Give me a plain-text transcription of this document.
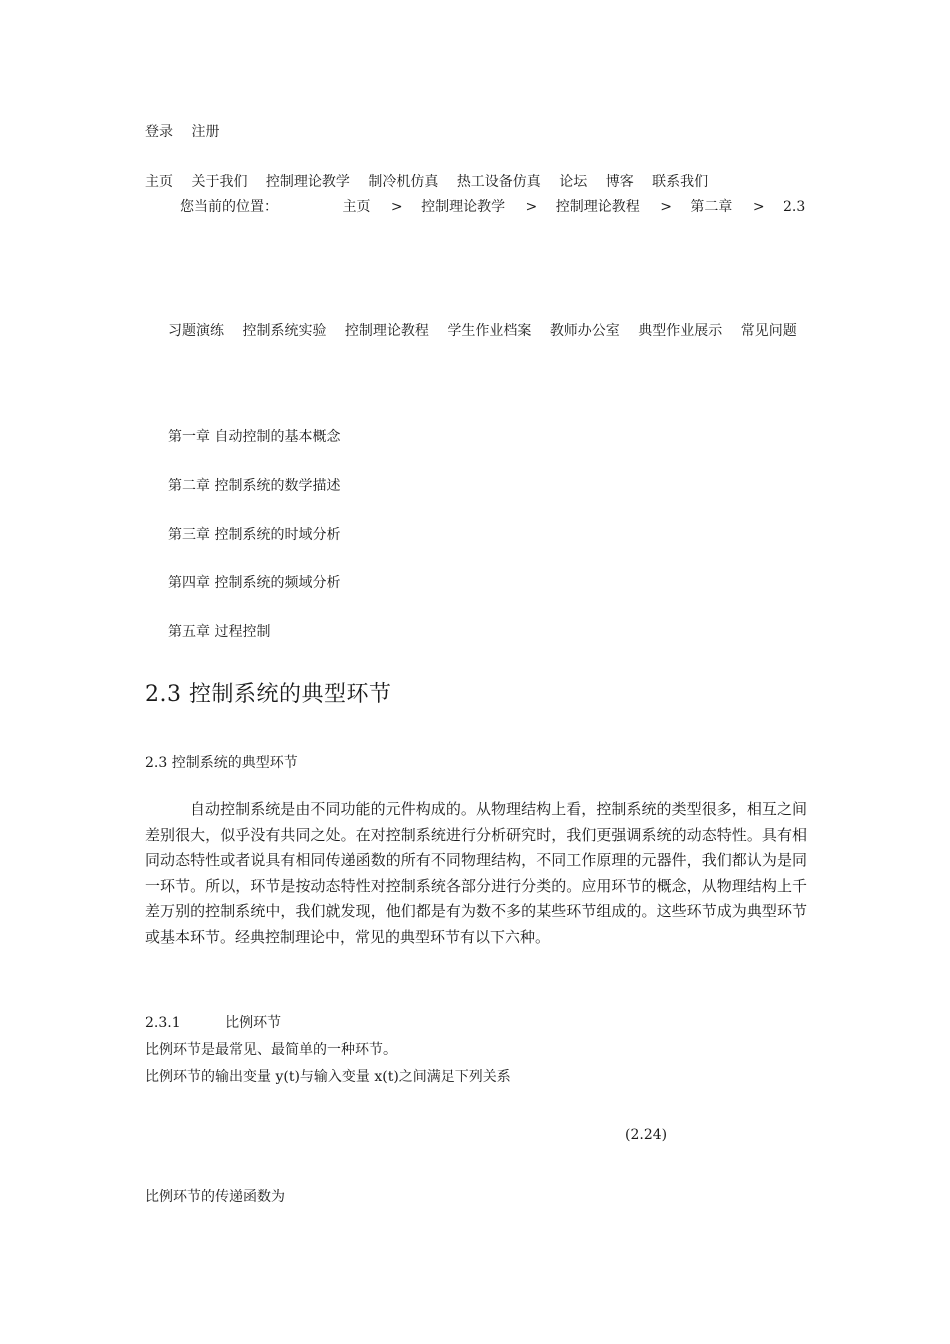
登录 注册
主页 关于我们 控制理论教学 制冷机仿真 热工设备仿真 论坛 博客 联系我们
您当前的位置：	主页 > 控制理论教学 > 控制理论教程 > 第二章 > 2.3
习题演练 控制系统实验 控制理论教程 学生作业档案 教师办公室 典型作业展示 常见问题
第一章 自动控制的基本概念
第二章 控制系统的数学描述
第三章 控制系统的时域分析
第四章 控制系统的频域分析
第五章 过程控制
2.3 控制系统的典型环节
2.3 控制系统的典型环节

自动控制系统是由不同功能的元件构成的。从物理结构上看，控制系统的类型很多，相互之间差别很大，似乎没有共同之处。在对控制系统进行分析研究时，我们更强调系统的动态特性。具有相同动态特性或者说具有相同传递函数的所有不同物理结构，不同工作原理的元器件，我们都认为是同一环节。所以，环节是按动态特性对控制系统各部分进行分类的。应用环节的概念，从物理结构上千差万别的控制系统中，我们就发现，他们都是有为数不多的某些环节组成的。这些环节成为典型环节或基本环节。经典控制理论中，常见的典型环节有以下六种。

2.3.1	比例环节
比例环节是最常见、最简单的一种环节。
比例环节的输出变量 y(t)与输入变量 x(t)之间满足下列关系
(2.24)
比例环节的传递函数为
